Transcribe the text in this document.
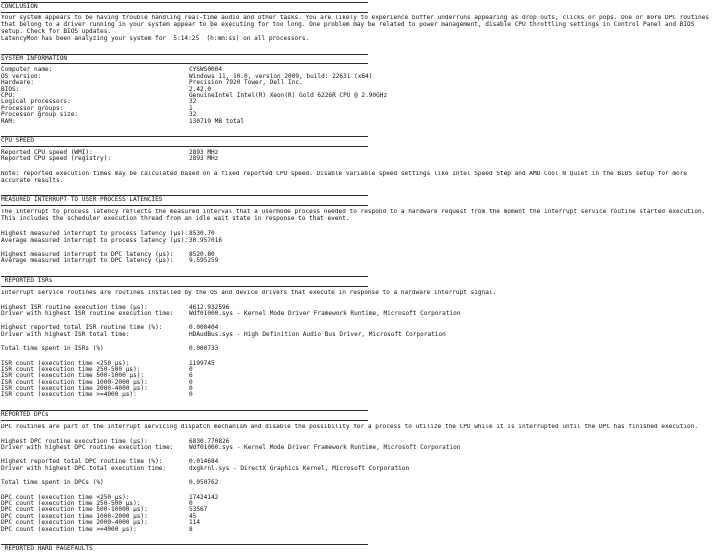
CONCLUSION
Your system appears to be having trouble handling real-time audio and other tasks. You are likely to experience buffer underruns appearing as drop outs, clicks or pops. One or more DPC routines that belong to a driver running in your system appear to be executing for too long. One problem may be related to power management, disable CPU throttling settings in Control Panel and BIOS setup. Check for BIOS updates.
LatencyMon has been analyzing your system for  5:14:25  (h:mm:ss) on all processors.
SYSTEM INFORMATION
Computer name:	CYSWS0004
OS version:	Windows 11, 10.0, version 2009, build: 22631 (x64)
Hardware:	Precision 7920 Tower, Dell Inc.
BIOS:	2.42.0
CPU:	GenuineIntel Intel(R) Xeon(R) Gold 6226R CPU @ 2.90GHz
Logical processors:	32
Processor groups:	1
Processor group size:	32
RAM:	130719 MB total
CPU SPEED
Reported CPU speed (WMI):	2893 MHz
Reported CPU speed (registry):	2893 MHz
Note: reported execution times may be calculated based on a fixed reported CPU speed. Disable variable speed settings like Intel Speed Step and AMD Cool N Quiet in the BIOS setup for more accurate results.
MEASURED INTERRUPT TO USER PROCESS LATENCIES
The interrupt to process latency reflects the measured interval that a usermode process needed to respond to a hardware request from the moment the interrupt service routine started execution. This includes the scheduler execution thread from an idle wait state in response to that event.
Highest measured interrupt to process latency (µs): 8530.70
Average measured interrupt to process latency (µs): 30.957016
Highest measured interrupt to DPC latency (µs):	8520.80
Average measured interrupt to DPC latency (µs):	9.595259
REPORTED ISRs
Interrupt service routines are routines installed by the OS and device drivers that execute in response to a hardware interrupt signal.
Highest ISR routine execution time (µs):	4612.932596
Driver with highest ISR routine execution time:	Wdf01000.sys - Kernel Mode Driver Framework Runtime, Microsoft Corporation
Highest reported total ISR routine time (%):	0.000404
Driver with highest ISR total time:	HDAudBus.sys - High Definition Audio Bus Driver, Microsoft Corporation
Total time spent in ISRs (%)	0.000733
ISR count (execution time <250 µs):	1199745
ISR count (execution time 250-500 µs):	0
ISR count (execution time 500-1000 µs):	6
ISR count (execution time 1000-2000 µs):	0
ISR count (execution time 2000-4000 µs):	0
ISR count (execution time >=4000 µs):	0
REPORTED DPCs
DPC routines are part of the interrupt servicing dispatch mechanism and disable the possibility for a process to utilize the CPU while it is interrupted until the DPC has finished execution.
Highest DPC routine execution time (µs):	6830.770826
Driver with highest DPC routine execution time:	Wdf01000.sys - Kernel Mode Driver Framework Runtime, Microsoft Corporation
Highest reported total DPC routine time (%):	0.014684
Driver with highest DPC total execution time:	dxgkrnl.sys - DirectX Graphics Kernel, Microsoft Corporation
Total time spent in DPCs (%)	0.050762
DPC count (execution time <250 µs):	17424142
DPC count (execution time 250-500 µs):	0
DPC count (execution time 500-10000 µs):	53567
DPC count (execution time 1000-2000 µs):	45
DPC count (execution time 2000-4000 µs):	114
DPC count (execution time >=4000 µs):	8
REPORTED HARD PAGEFAULTS
